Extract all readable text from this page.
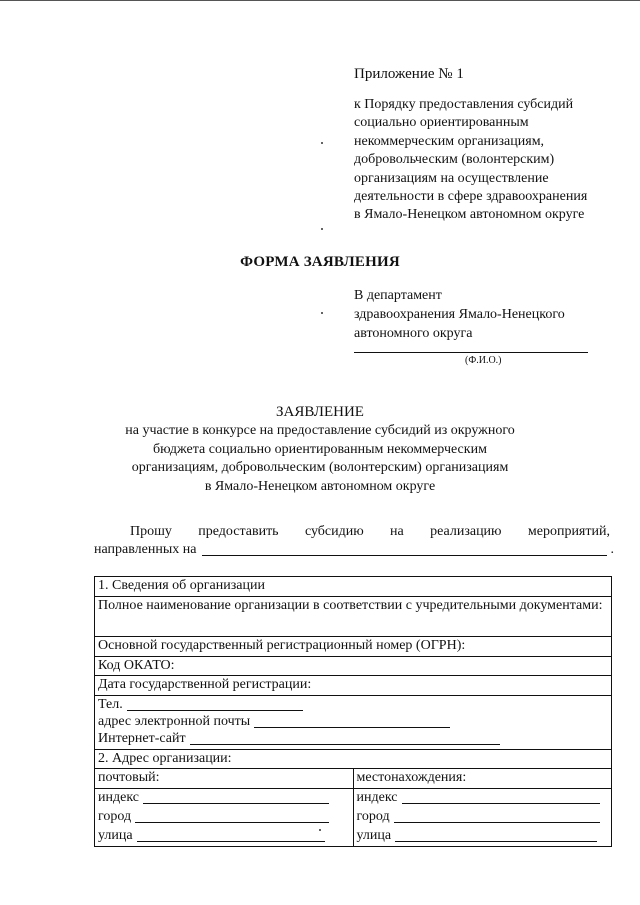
Приложение № 1
к Порядку предоставления субсидий
социально ориентированным
некоммерческим организациям,
добровольческим (волонтерским)
организациям на осуществление
деятельности в сфере здравоохранения
в Ямало-Ненецком автономном округе
ФОРМА ЗАЯВЛЕНИЯ
В департамент
здравоохранения Ямало-Ненецкого
автономного округа
(Ф.И.О.)
ЗАЯВЛЕНИЕ
на участие в конкурсе на предоставление субсидий из окружного
бюджета социально ориентированным некоммерческим
организациям, добровольческим (волонтерским) организациям
в Ямало-Ненецком автономном округе
Прошу предоставить субсидию на реализацию мероприятий,
направленных на	.
1. Сведения об организации
Полное наименование организации в соответствии с учредительными документами:
Основной государственный регистрационный номер (ОГРН):
Код ОКАТО:
Дата государственной регистрации:
Тел.
адрес электронной почты
Интернет-сайт
2. Адрес организации:
почтовый:
индекс
город
улица
местонахождения:
индекс
город
улица
